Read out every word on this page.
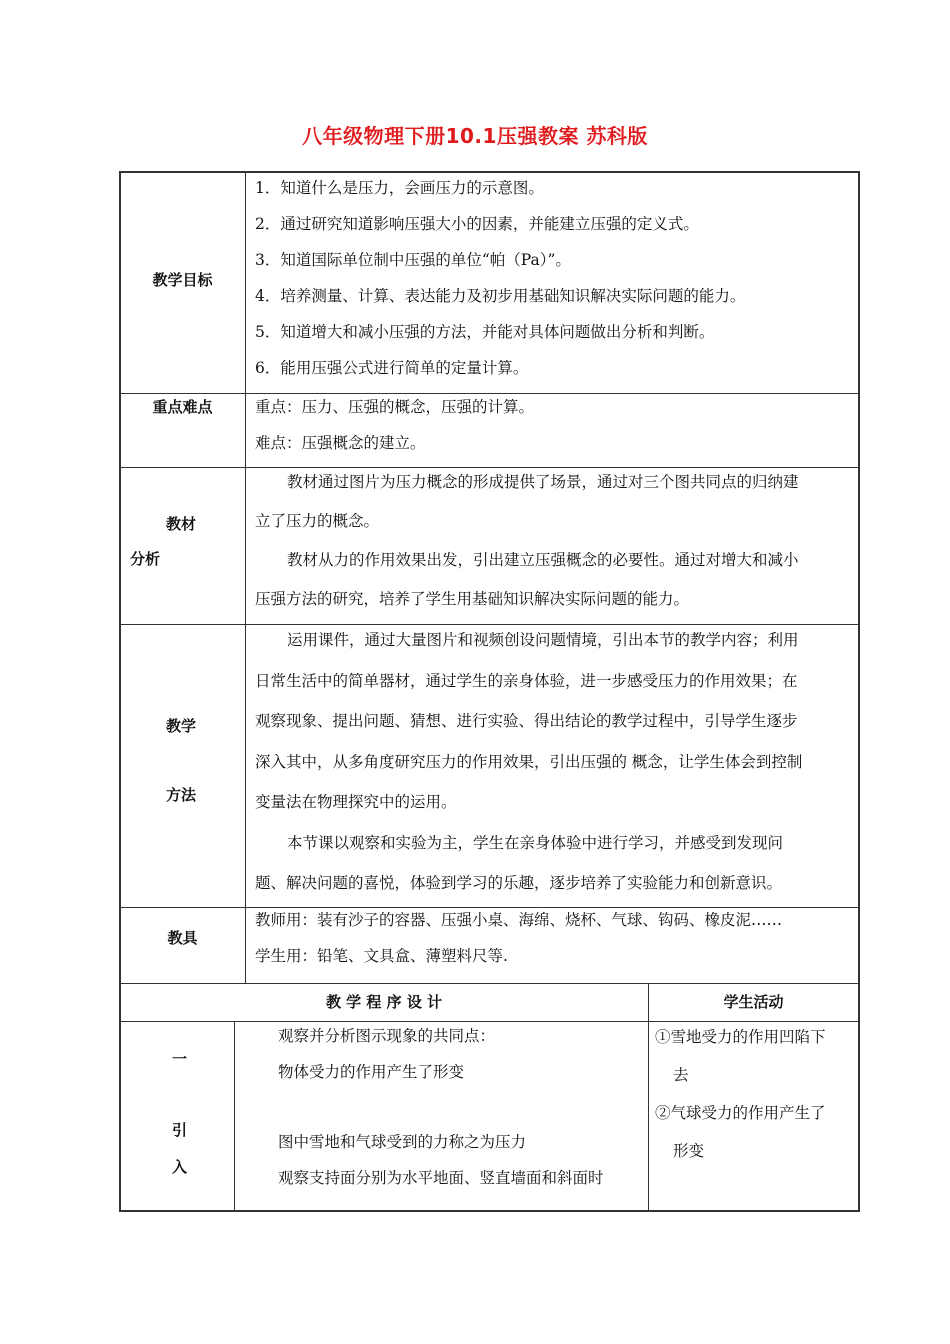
八年级物理下册10.1压强教案 苏科版
教学目标
1．知道什么是压力，会画压力的示意图。
2．通过研究知道影响压强大小的因素，并能建立压强的定义式。
3．知道国际单位制中压强的单位“帕（Pa）”。
4．培养测量、计算、表达能力及初步用基础知识解决实际问题的能力。
5．知道增大和减小压强的方法，并能对具体问题做出分析和判断。
6．能用压强公式进行简单的定量计算。
重点难点	重点：压力、压强的概念，压强的计算。
难点：压强概念的建立。
教材
分析
教材通过图片为压力概念的形成提供了场景，通过对三个图共同点的归纳建
立了压力的概念。
教材从力的作用效果出发，引出建立压强概念的必要性。通过对增大和减小
压强方法的研究，培养了学生用基础知识解决实际问题的能力。
教学
方法
运用课件，通过大量图片和视频创设问题情境，引出本节的教学内容；利用
日常生活中的简单器材，通过学生的亲身体验，进一步感受压力的作用效果；在
观察现象、提出问题、猜想、进行实验、得出结论的教学过程中，引导学生逐步
深入其中，从多角度研究压力的作用效果，引出压强的 概念，让学生体会到控制
变量法在物理探究中的运用。
本节课以观察和实验为主，学生在亲身体验中进行学习，并感受到发现问
题、解决问题的喜悦，体验到学习的乐趣，逐步培养了实验能力和创新意识。
教具
教师用：装有沙子的容器、压强小桌、海绵、烧杯、气球、钩码、橡皮泥……
学生用：铅笔、文具盒、薄塑料尺等.
教 学 程 序 设 计	学生活动
一
引
入
观察并分析图示现象的共同点：
物体受力的作用产生了形变
图中雪地和气球受到的力称之为压力
观察支持面分别为水平地面、竖直墙面和斜面时
①雪地受力的作用凹陷下
去
②气球受力的作用产生了
形变
